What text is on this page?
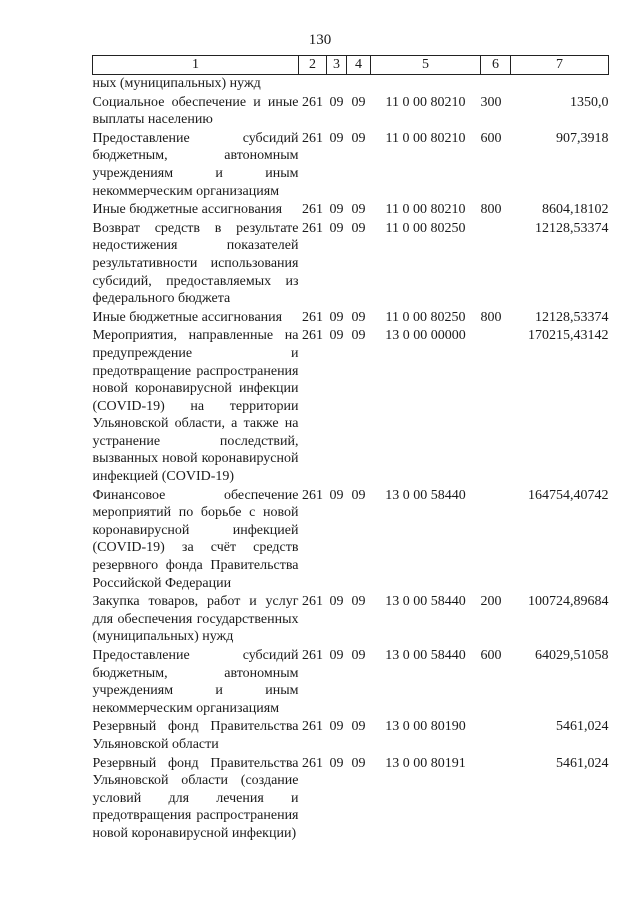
130
1	2	3	4	5	6	7
ных (муниципальных) нужд						
Социальное обеспечение и иные выплаты населению	261	09	09	11 0 00 80210	300	1350,0
Предоставление субсидий бюджетным, автономным учреждениям и иным некоммерческим организациям	261	09	09	11 0 00 80210	600	907,3918
Иные бюджетные ассигнования	261	09	09	11 0 00 80210	800	8604,18102
Возврат средств в результате недостижения показателей результативности использования субсидий, предоставляемых из федерального бюджета	261	09	09	11 0 00 80250		12128,53374
Иные бюджетные ассигнования	261	09	09	11 0 00 80250	800	12128,53374
Мероприятия, направленные на предупреждение и предотвращение распространения новой коронавирусной инфекции (COVID-19) на территории Ульяновской области, а также на устранение последствий, вызванных новой коронавирусной инфекцией (COVID-19)	261	09	09	13 0 00 00000		170215,43142
Финансовое обеспечение мероприятий по борьбе с новой коронавирусной инфекцией (COVID-19) за счёт средств резервного фонда Правительства Российской Федерации	261	09	09	13 0 00 58440		164754,40742
Закупка товаров, работ и услуг для обеспечения государственных (муниципальных) нужд	261	09	09	13 0 00 58440	200	100724,89684
Предоставление субсидий бюджетным, автономным учреждениям и иным некоммерческим организациям	261	09	09	13 0 00 58440	600	64029,51058
Резервный фонд Правительства Ульяновской области	261	09	09	13 0 00 80190		5461,024
Резервный фонд Правительства Ульяновской области (создание условий для лечения и предотвращения распространения новой коронавирусной инфекции)	261	09	09	13 0 00 80191		5461,024
